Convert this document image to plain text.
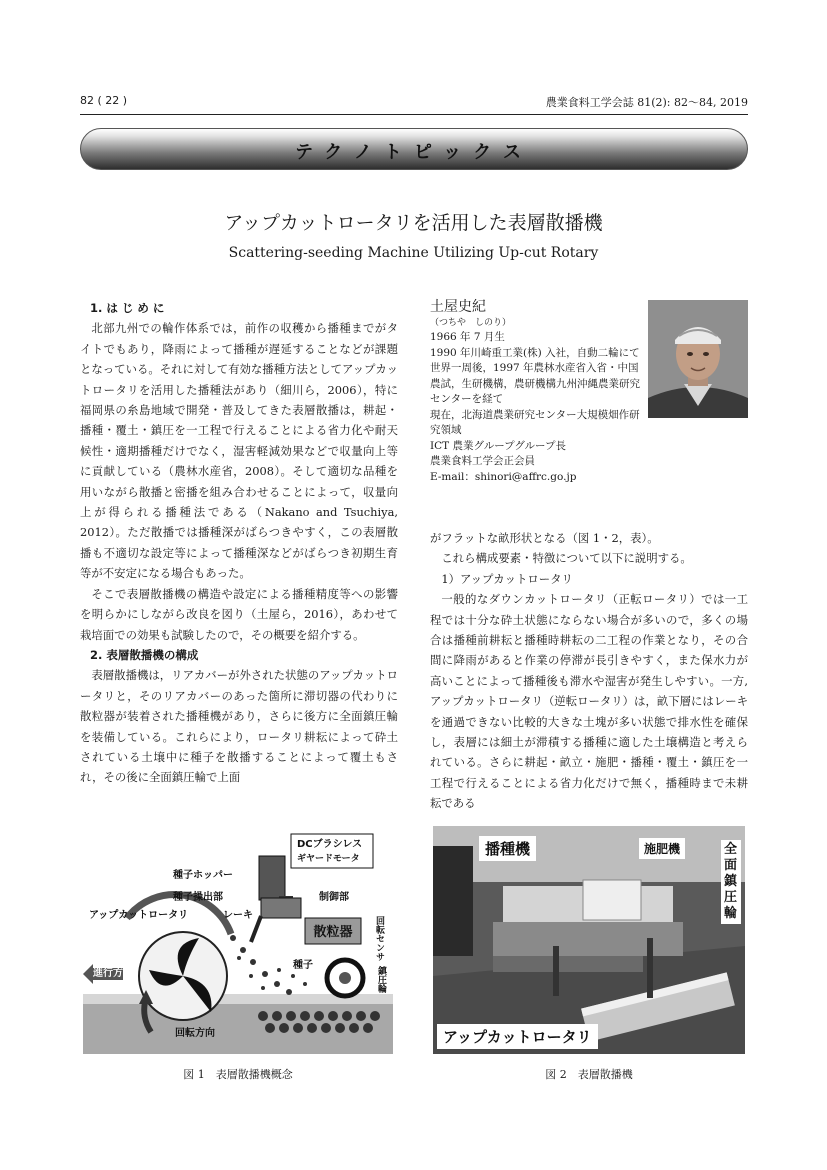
82 ( 22 )	農業食料工学会誌 81(2): 82～84, 2019
テクノトピックス
アップカットロータリを活用した表層散播機
Scattering-seeding Machine Utilizing Up-cut Rotary
1. は じ め に

北部九州での輪作体系では，前作の収穫から播種までがタイトでもあり，降雨によって播種が遅延することなどが課題となっている。それに対して有効な播種方法としてアップカットロータリを活用した播種法があり（細川ら，2006），特に福岡県の糸島地域で開発・普及してきた表層散播は，耕起・播種・覆土・鎮圧を一工程で行えることによる省力化や耐天候性・適期播種だけでなく，湿害軽減効果などで収量向上等に貢献している（農林水産省，2008）。そして適切な品種を用いながら散播と密播を組み合わせることによって，収量向上が得られる播種法である（Nakano and Tsuchiya, 2012）。ただ散播では播種深がばらつきやすく，この表層散播も不適切な設定等によって播種深などがばらつき初期生育等が不安定になる場合もあった。

そこで表層散播機の構造や設定による播種精度等への影響を明らかにしながら改良を図り（土屋ら，2016），あわせて栽培面での効果も試験したので，その概要を紹介する。

2. 表層散播機の構成

表層散播機は，リアカバーが外された状態のアップカットロータリと，そのリアカバーのあった箇所に滞切器の代わりに散粒器が装着された播種機があり，さらに後方に全面鎮圧輪を装備している。これらにより，ロータリ耕耘によって砕土されている土壌中に種子を散播することによって覆土もされ，その後に全面鎮圧輪で上面

土屋史紀
（つちや　しのり）
1966 年 7 月生
1990 年川崎重工業(株) 入社，自動二輪にて世界一周後，1997 年農林水産省入省・中国農試，生研機構，農研機構九州沖縄農業研究センターを経て
現在，北海道農業研究センター大規模畑作研究領域
ICT 農業グループグループ長
農業食料工学会正会員
E-mail：shinori@affrc.go.jp

がフラットな畝形状となる（図 1・2，表）。

これら構成要素・特徴について以下に説明する。

1）アップカットロータリ

一般的なダウンカットロータリ（正転ロータリ）では一工程では十分な砕土状態にならない場合が多いので，多くの場合は播種前耕耘と播種時耕耘の二工程の作業となり，その合間に降雨があると作業の停滞が長引きやすく，また保水力が高いことによって播種後も滞水や湿害が発生しやすい。一方, アップカットロータリ（逆転ロータリ）は，畝下層にはレーキを通過できない比較的大きな土塊が多い状態で排水性を確保し，表層には細土が滞積する播種に適した土壌構造と考えられている。さらに耕起・畝立・施肥・播種・覆土・鎮圧を一工程で行えることによる省力化だけで無く，播種時まで未耕耘である

散粒器
DCブラシレス
ギヤードモータ
種子ホッパー
種子操出部	制御部
アップカットロータリ	レーキ
種子
進行方向
回転方向
回転センサ
鎮圧輪
図 1　表層散播機概念
播種機	施肥機	全面鎮圧輪
アップカットロータリ
図 2　表層散播機
